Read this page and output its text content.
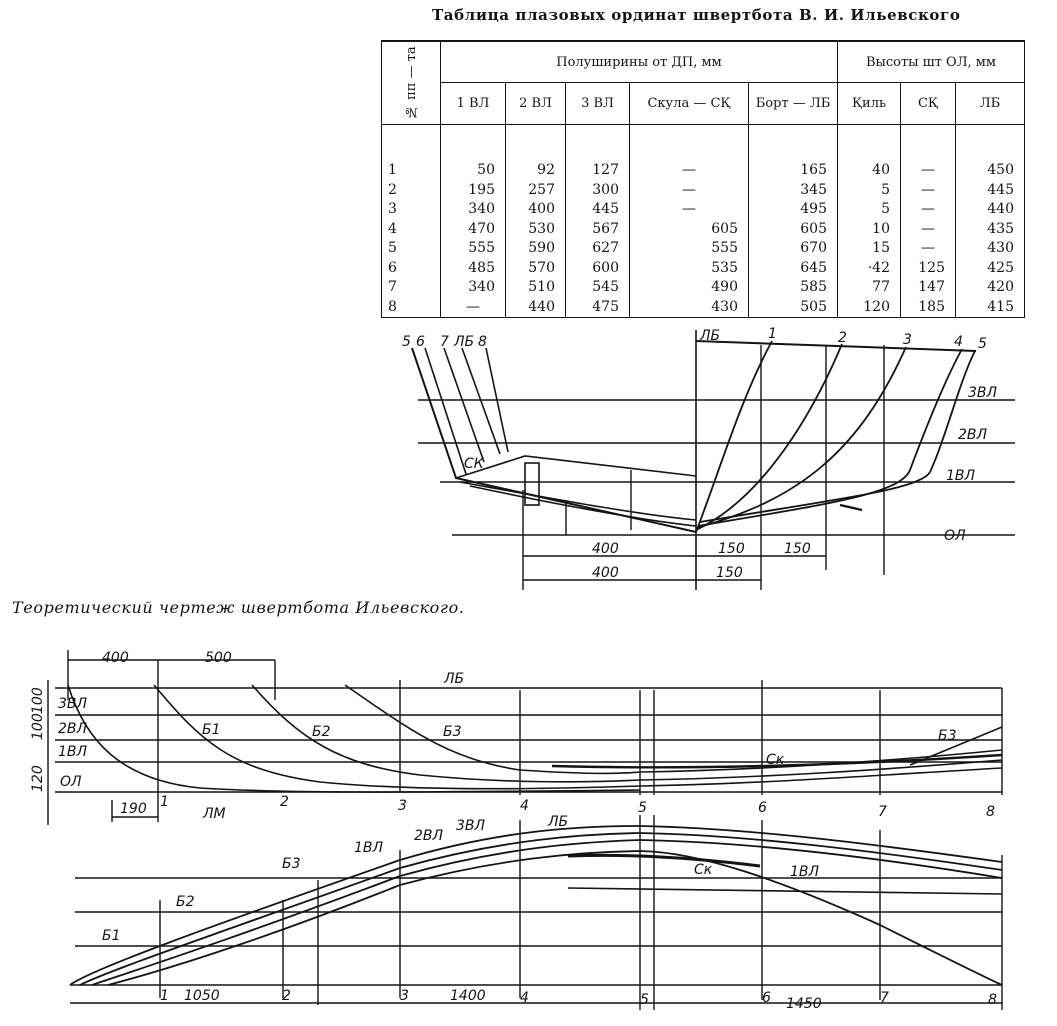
Таблица плазовых ординат швертбота В. И. Ильевского
№ пп — та	Полуширины от ДП, мм					Высоты шт ОЛ, мм		
	1 ВЛ	2 ВЛ	3 ВЛ	Скула — СҚ	Борт — ЛБ	Қиль	СҚ	ЛБ
1	50	92	127	—	165	40	—	450
2	195	257	300	—	345	5	—	445
3	340	400	445	—	495	5	—	440
4	470	530	567	605	605	10	—	435
5	555	590	627	555	670	15	—	430
6	485	570	600	535	645	·42	125	425
7	340	510	545	490	585	77	147	420
8	—	440	475	430	505	120	185	415
5 6 7 ЛБ 8	ЛБ	1	2	3	4 5
3ВЛ
2ВЛ
1ВЛ
ОЛ
СК
400
400
150
150
150
400	500
3ВЛ
2ВЛ
1ВЛ
ОЛ
100
100
120
Б1	Б2	Б3	Б3
Ск
1	2	3	4	5	6	7	8
190	ЛМ
ЛБ
Б3
1ВЛ
2ВЛ
3ВЛ	ЛБ
Б2
Б1
Ск	1ВЛ
1	2	3	4	5	6	7	8
1050	1400	1450
Теоретический чертеж швертбота Ильевского.
